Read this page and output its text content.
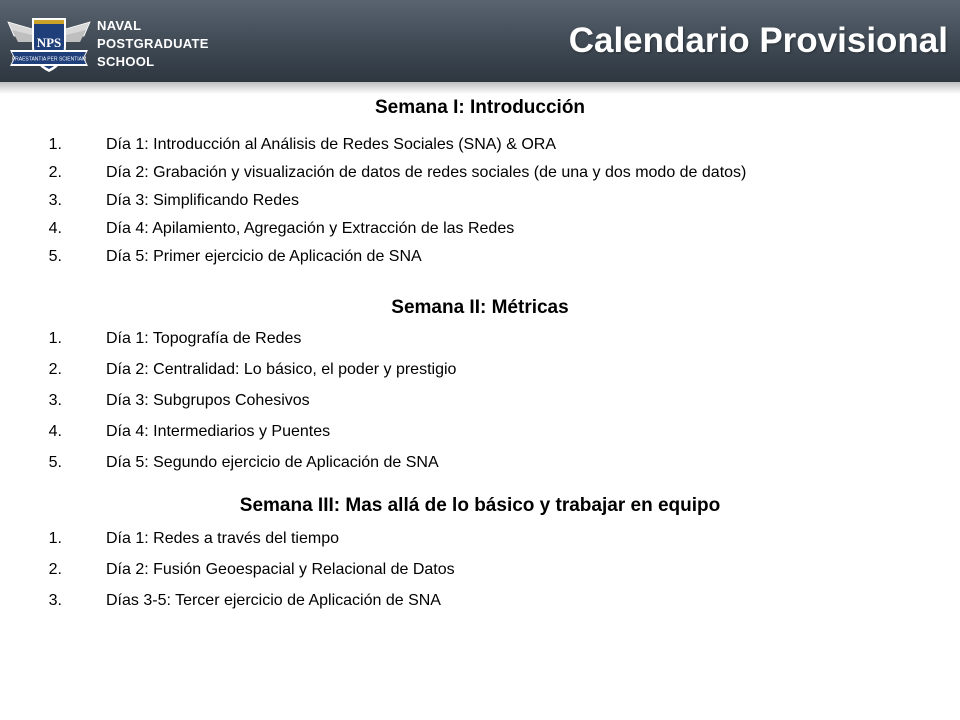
NPS
PRAESTANTIA PER SCIENTIAM
NAVAL
POSTGRADUATE
SCHOOL
Calendario Provisional
Semana I: Introducción
1.	Día 1: Introducción al Análisis de Redes Sociales (SNA) & ORA
2.	Día 2: Grabación y visualización de datos de redes sociales (de una y dos modo de datos)
3.	Día 3: Simplificando Redes
4.	Día 4: Apilamiento, Agregación y Extracción de las Redes
5.	Día 5: Primer ejercicio de Aplicación de SNA
Semana II: Métricas
1.	Día 1: Topografía de Redes
2.	Día 2: Centralidad: Lo básico, el poder y prestigio
3.	Día 3: Subgrupos Cohesivos
4.	Día 4: Intermediarios y Puentes
5.	Día 5: Segundo ejercicio de Aplicación de SNA
Semana III: Mas allá de lo básico y trabajar en equipo
1.	Día 1: Redes a través del tiempo
2.	Día 2: Fusión Geoespacial y Relacional de Datos
3.	Días 3-5: Tercer ejercicio de Aplicación de SNA
